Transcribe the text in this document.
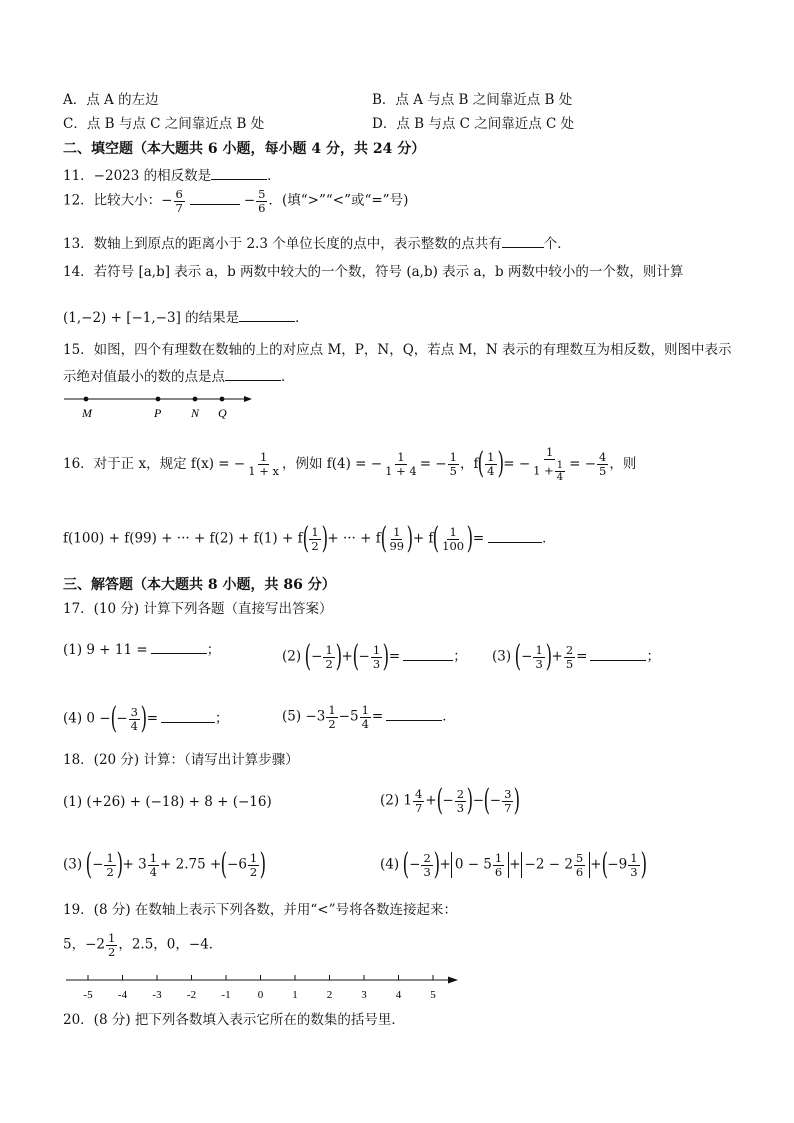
A．点 A 的左边	B．点 A 与点 B 之间靠近点 B 处
C．点 B 与点 C 之间靠近点 B 处	D．点 B 与点 C 之间靠近点 C 处
二、填空题（本大题共 6 小题，每小题 4 分，共 24 分）
11．−2023 的相反数是	．
12．比较大小：− $\frac{6}{7}$	− $\frac{5}{6}$ ．(填“>”“<”或“=”号)
13．数轴上到原点的距离小于 2.3 个单位长度的点中，表示整数的点共有	个．
14．若符号 [a,b] 表示 a，b 两数中较大的一个数，符号 (a,b) 表示 a，b 两数中较小的一个数，则计算
(1,−2) + [−1,−3] 的结果是	．
15．如图，四个有理数在数轴的上的对应点 M，P，N，Q，若点 M，N 表示的有理数互为相反数，则图中表示
示绝对值最小的数的点是点	．
M	P N Q
16．对于正 x，规定 f(x) = − $\frac{1}{1 + x}$ ，例如 f(4) = − $\frac{1}{1 + 4}$ = − $\frac{1}{5}$ ，$f( \frac{1}{4}$ )= − $\frac{1}{1 + \frac{1}{4}}$ = − $\frac{4}{5}$ ，则
f(100) + f(99) + ··· + $f(2) + f(1) + f( \frac{1}{2}$ )+ ··· + $f( \frac{1}{99}$ )+ $f( \frac{1}{100}$ )=	．
三、解答题（本大题共 8 小题，共 86 分）
17．(10 分) 计算下列各题（直接写出答案）
(1) 9 + 11 =	；	(2) (− $\frac{1}{2}$ )+(− $\frac{1}{3}$ )=	； (3) (− $\frac{1}{3}$ )+ $\frac{2}{5}$ =	；
(4) 0 −(− $\frac{3}{4}$ )=	；	$(5) -3 \frac{1}{2} -5 \frac{1}{4}$ =	．
18．(20 分) 计算：（请写出计算步骤）
(1) (+26) + (−18) + 8 + (−16)	(2) $1 \frac{4}{7}$ +(− $\frac{2}{3}$ )−(− $\frac{3}{7}$ )
(3) (− $\frac{1}{2}$ )+ $3 \frac{1}{4} + 2.75 +(-6 \frac{1}{2}$ )	(4) (− $\frac{2}{3}$ )+ $0 - 5 \frac{1}{6} + -2 - 2 \frac{5}{6} +(-9 \frac{1}{3}$ )
19．(8 分) 在数轴上表示下列各数，并用“<”号将各数连接起来：
5，$-2 \frac{1}{2}$ ，2.5，0，−4．
-5 -4 -3 -2 -1 0	1	2	3	4	5
20．(8 分) 把下列各数填入表示它所在的数集的括号里．
